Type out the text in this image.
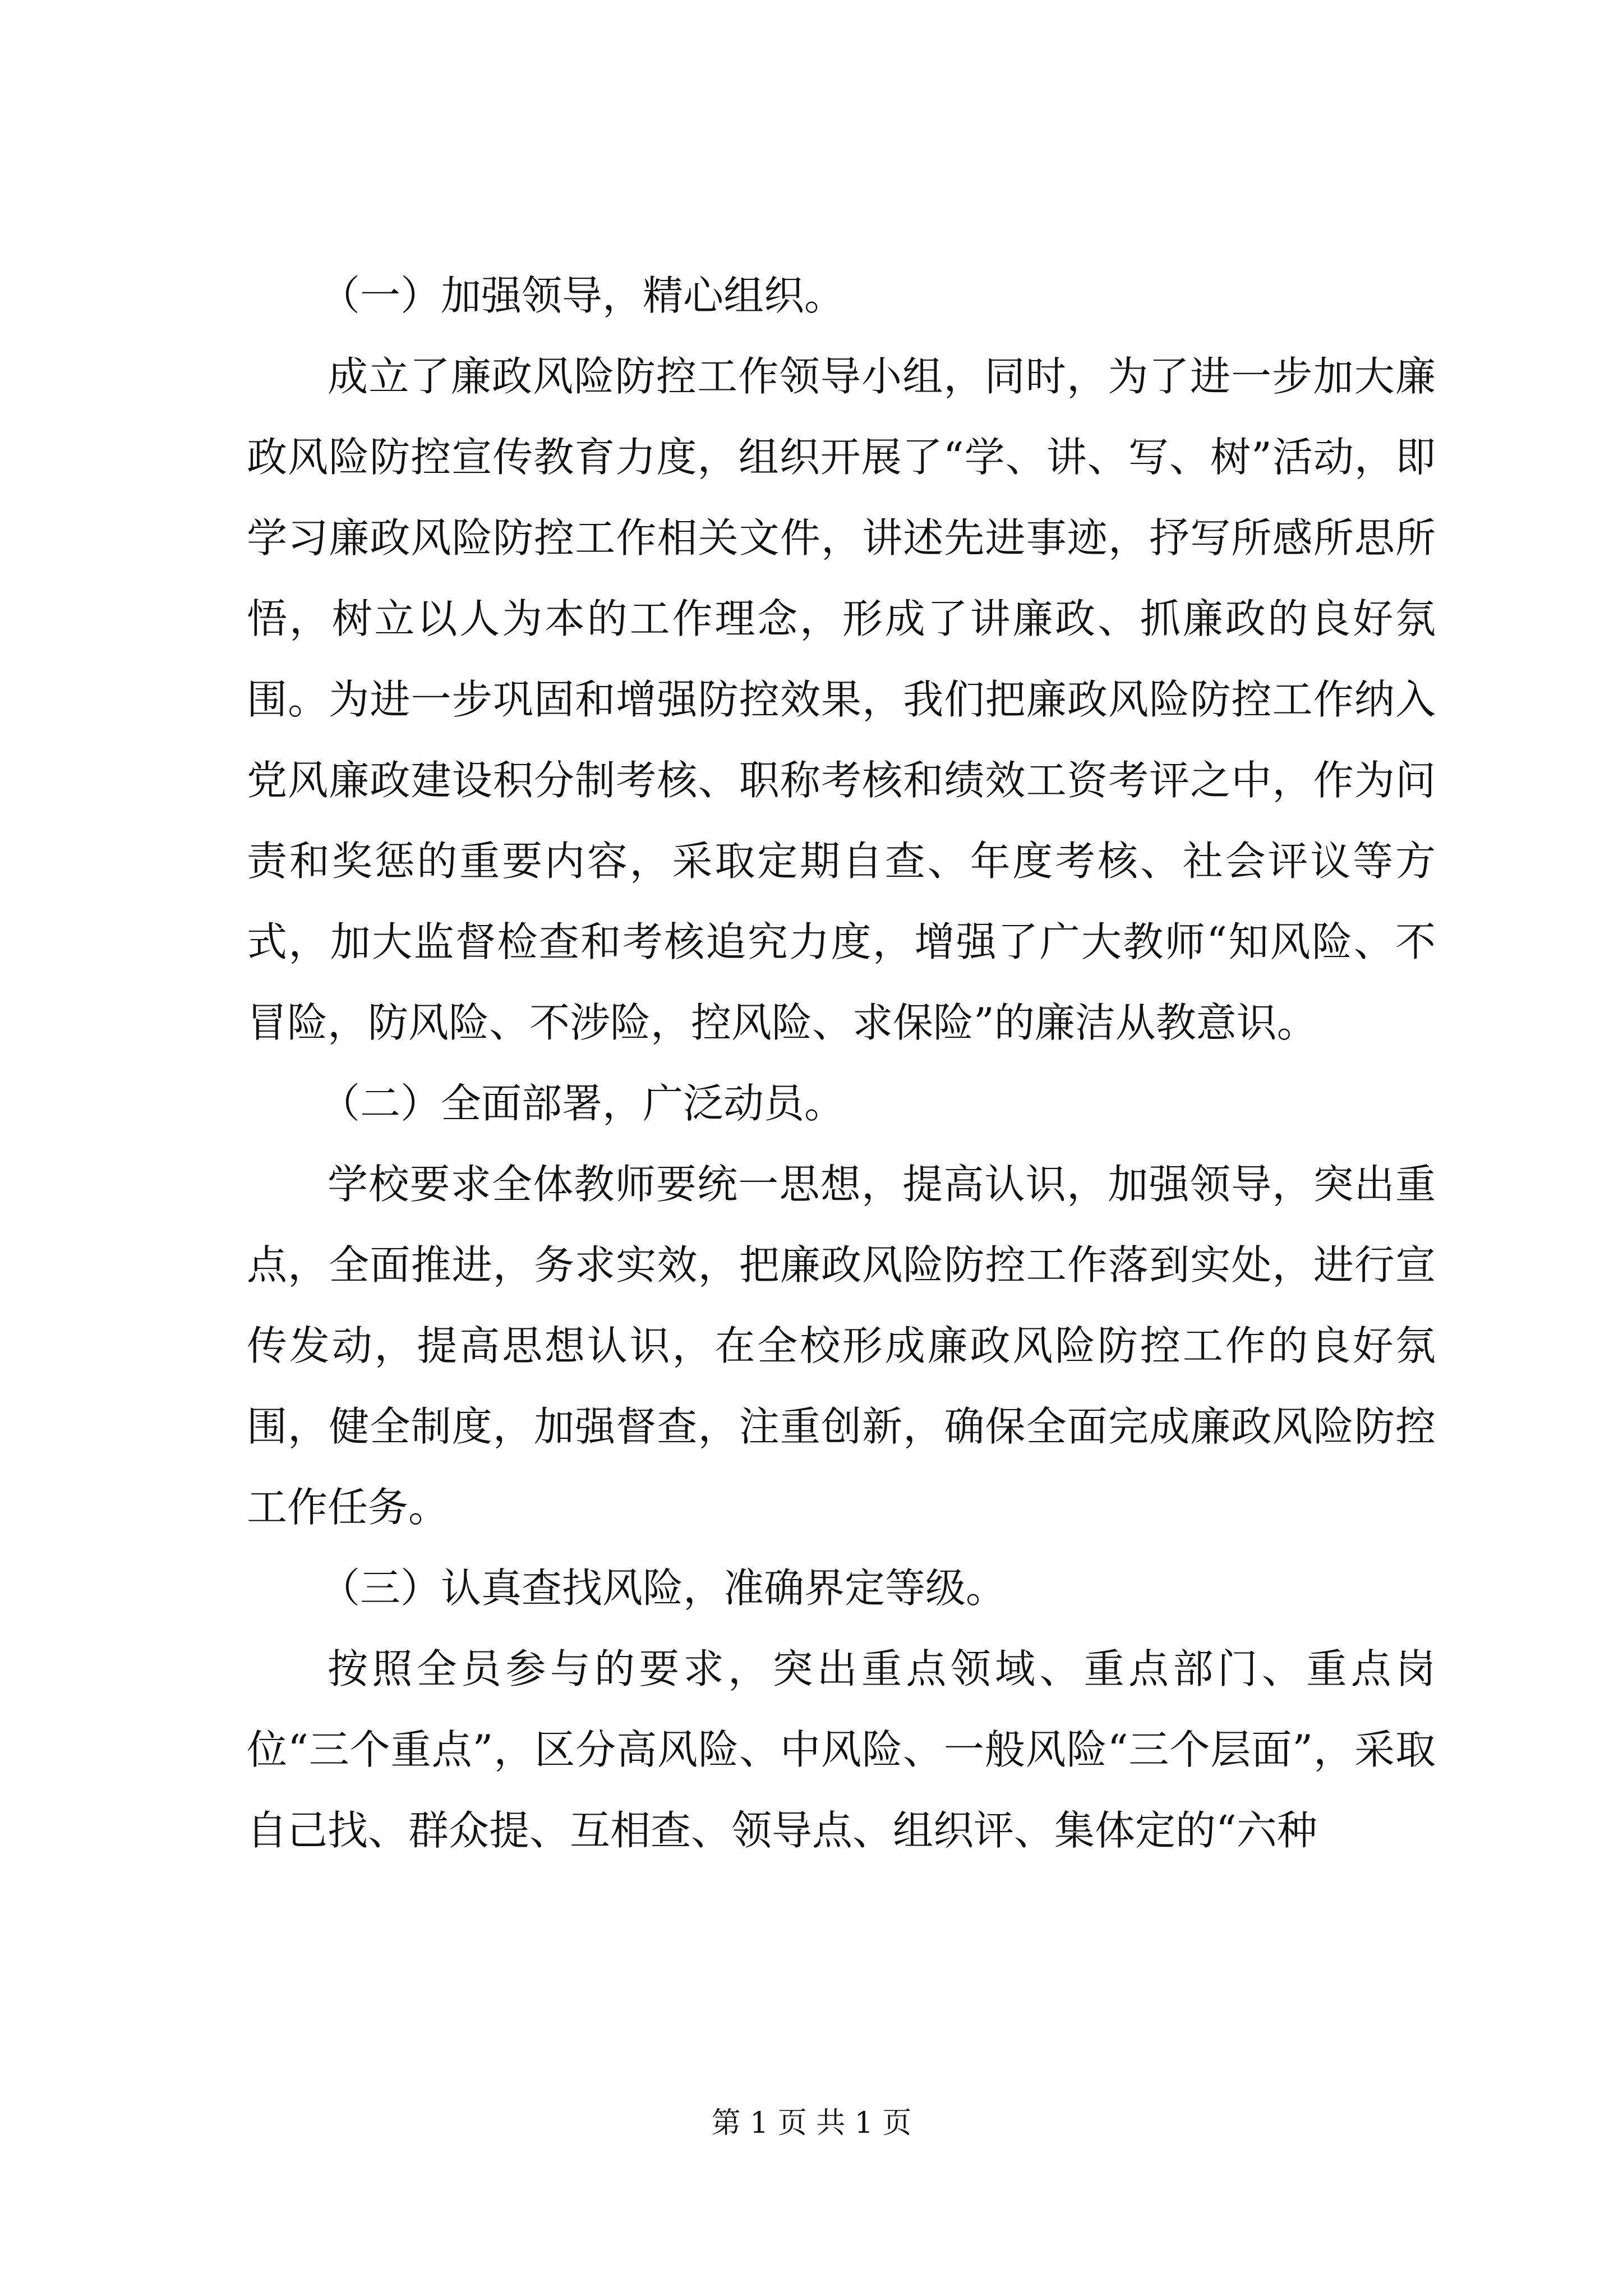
（一）加强领导，精心组织。

成立了廉政风险防控工作领导小组，同时，为了进一步加大廉政风险防控宣传教育力度，组织开展了“学、讲、写、树”活动，即学习廉政风险防控工作相关文件，讲述先进事迹，抒写所感所思所悟，树立以人为本的工作理念，形成了讲廉政、抓廉政的良好氛围。为进一步巩固和增强防控效果，我们把廉政风险防控工作纳入党风廉政建设积分制考核、职称考核和绩效工资考评之中，作为问责和奖惩的重要内容，采取定期自查、年度考核、社会评议等方式，加大监督检查和考核追究力度，增强了广大教师“知风险、不冒险，防风险、不涉险，控风险、求保险”的廉洁从教意识。

（二）全面部署，广泛动员。

学校要求全体教师要统一思想，提高认识，加强领导，突出重点，全面推进，务求实效，把廉政风险防控工作落到实处，进行宣传发动，提高思想认识，在全校形成廉政风险防控工作的良好氛围，健全制度，加强督查，注重创新，确保全面完成廉政风险防控工作任务。

（三）认真查找风险，准确界定等级。

按照全员参与的要求，突出重点领域、重点部门、重点岗位“三个重点”，区分高风险、中风险、一般风险“三个层面”，采取自己找、群众提、互相查、领导点、组织评、集体定的“六种

第 1 页 共 1 页
